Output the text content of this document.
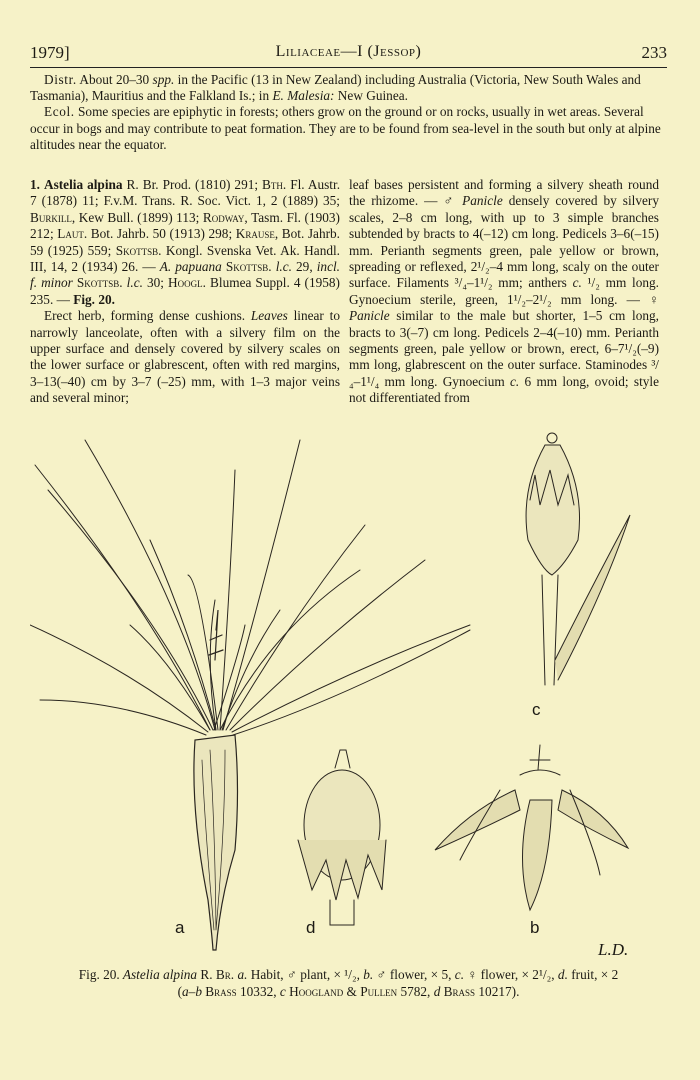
1979]	Liliaceae—I (Jessop)	233

Distr. About 20–30 spp. in the Pacific (13 in New Zealand) including Australia (Victoria, New South Wales and Tasmania), Mauritius and the Falkland Is.; in E. Malesia: New Guinea.

Ecol. Some species are epiphytic in forests; others grow on the ground or on rocks, usually in wet areas. Several occur in bogs and may contribute to peat formation. They are to be found from sea-level in the south but only at alpine altitudes near the equator.

1. Astelia alpina R. Br. Prod. (1810) 291; Bth. Fl. Austr. 7 (1878) 11; F.v.M. Trans. R. Soc. Vict. 1, 2 (1889) 35; Burkill, Kew Bull. (1899) 113; Rodway, Tasm. Fl. (1903) 212; Laut. Bot. Jahrb. 50 (1913) 298; Krause, Bot. Jahrb. 59 (1925) 559; Skottsb. Kongl. Svenska Vet. Ak. Handl. III, 14, 2 (1934) 26. — A. papuana Skottsb. l.c. 29, incl. f. minor Skottsb. l.c. 30; Hoogl. Blumea Suppl. 4 (1958) 235. — Fig. 20.

Erect herb, forming dense cushions. Leaves linear to narrowly lanceolate, often with a silvery film on the upper surface and densely covered by silvery scales on the lower surface or glabrescent, often with red margins, 3–13(–40) cm by 3–7 (–25) mm, with 1–3 major veins and several minor;

leaf bases persistent and forming a silvery sheath round the rhizome. — ♂ Panicle densely covered by silvery scales, 2–8 cm long, with up to 3 simple branches subtended by bracts to 4(–12) cm long. Pedicels 3–6(–15) mm. Perianth segments green, pale yellow or brown, spreading or reflexed, 2¹/₂–4 mm long, scaly on the outer surface. Filaments ³/₄–1¹/₂ mm; anthers c. ¹/₂ mm long. Gynoecium sterile, green, 1¹/₂–2¹/₂ mm long. — ♀ Panicle similar to the male but shorter, 1–5 cm long, bracts to 3(–7) cm long. Pedicels 2–4(–10) mm. Perianth segments green, pale yellow or brown, erect, 6–7¹/₂(–9) mm long, glabrescent on the outer surface. Staminodes ³/₄–1¹/₄ mm long. Gynoecium c. 6 mm long, ovoid; style not differentiated from

a	d	b
c
L.D.
Fig. 20. Astelia alpina R. Br. a. Habit, ♂ plant, × ¹/₂, b. ♂ flower, × 5, c. ♀ flower, × 2¹/₂, d. fruit, × 2
(a–b Brass 10332, c Hoogland & Pullen 5782, d Brass 10217).
